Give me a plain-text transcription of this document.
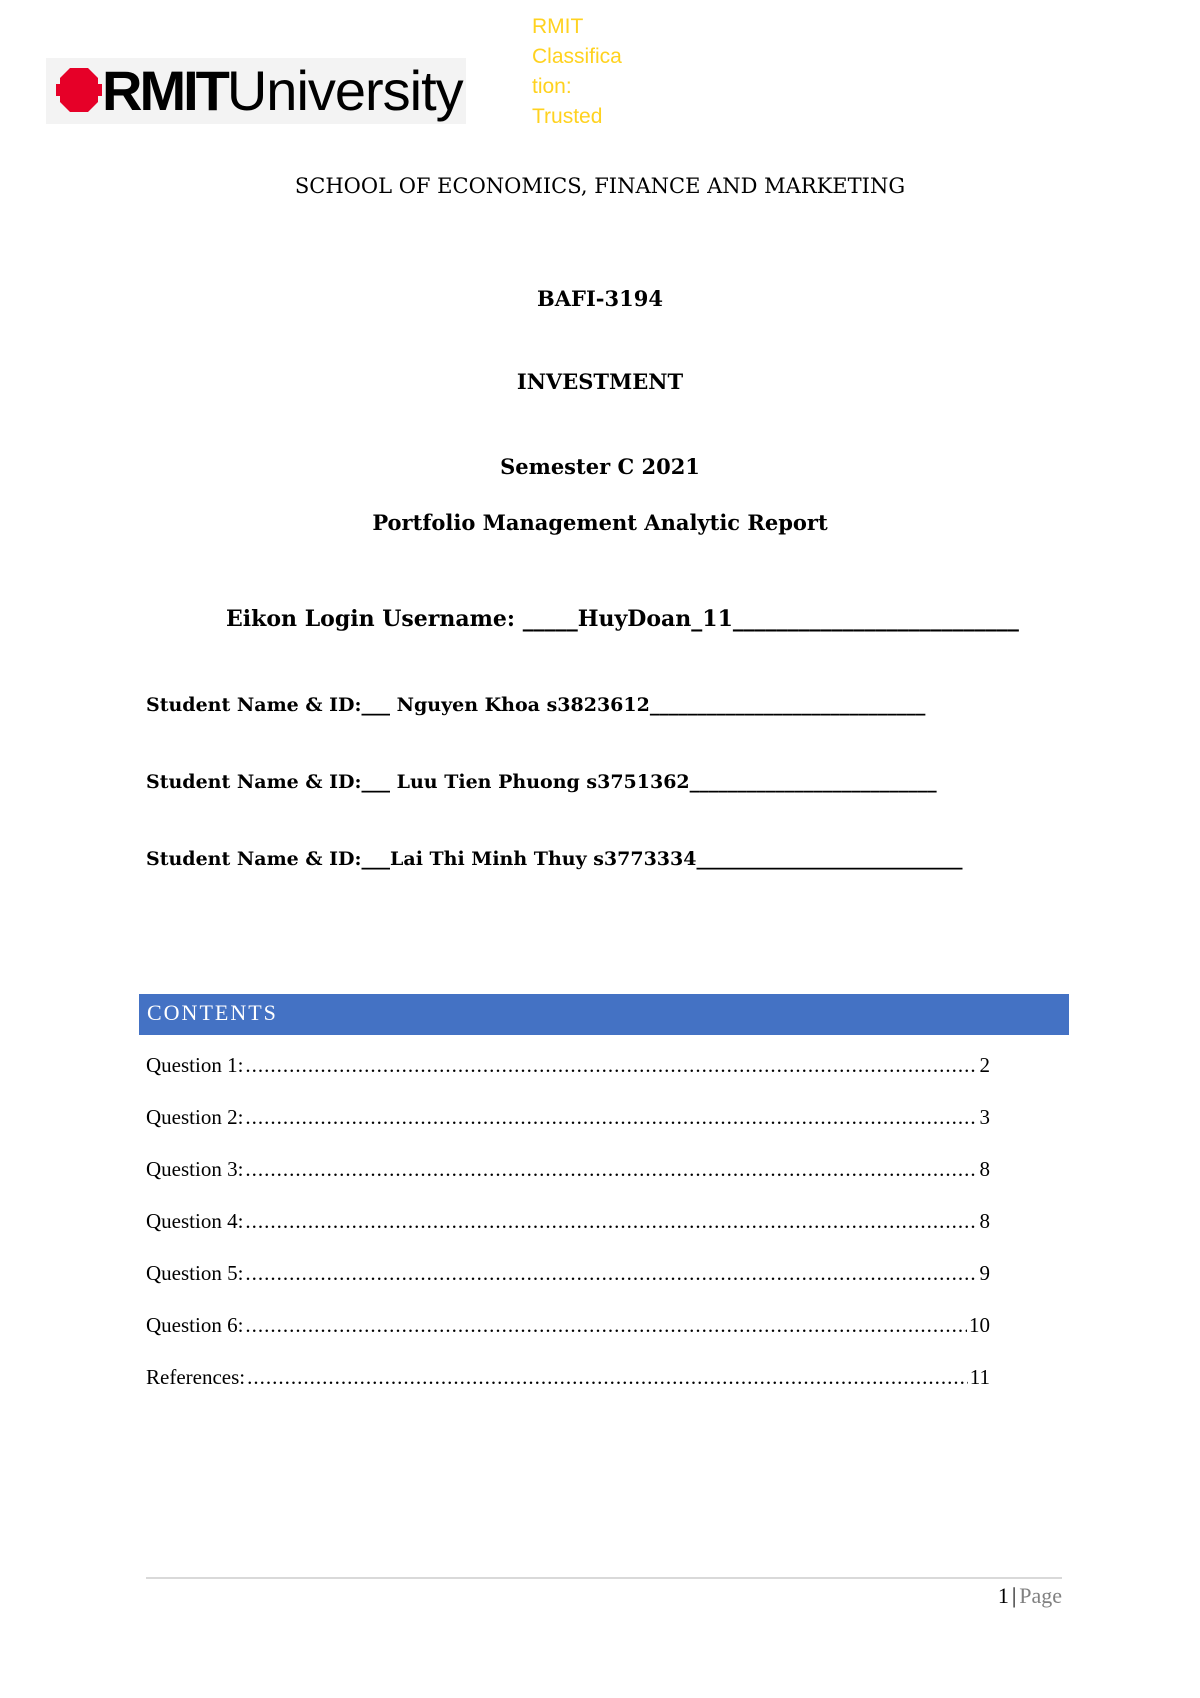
RMITUniversity
RMIT Classification: Trusted
SCHOOL OF ECONOMICS, FINANCE AND MARKETING
BAFI-3194
INVESTMENT
Semester C 2021
Portfolio Management Analytic Report
Eikon Login Username: _____HuyDoan_11__________________________
Student Name & ID:___ Nguyen Khoa s3823612_____________________________
Student Name & ID:___ Luu Tien Phuong s3751362__________________________
Student Name & ID:___Lai Thi Minh Thuy s3773334____________________________
CONTENTS
Question 1: .....	2
Question 2: .....	3
Question 3: .....	8
Question 4: .....	8
Question 5: .....	9
Question 6: .....	10
References: .....	11
1 | Page
